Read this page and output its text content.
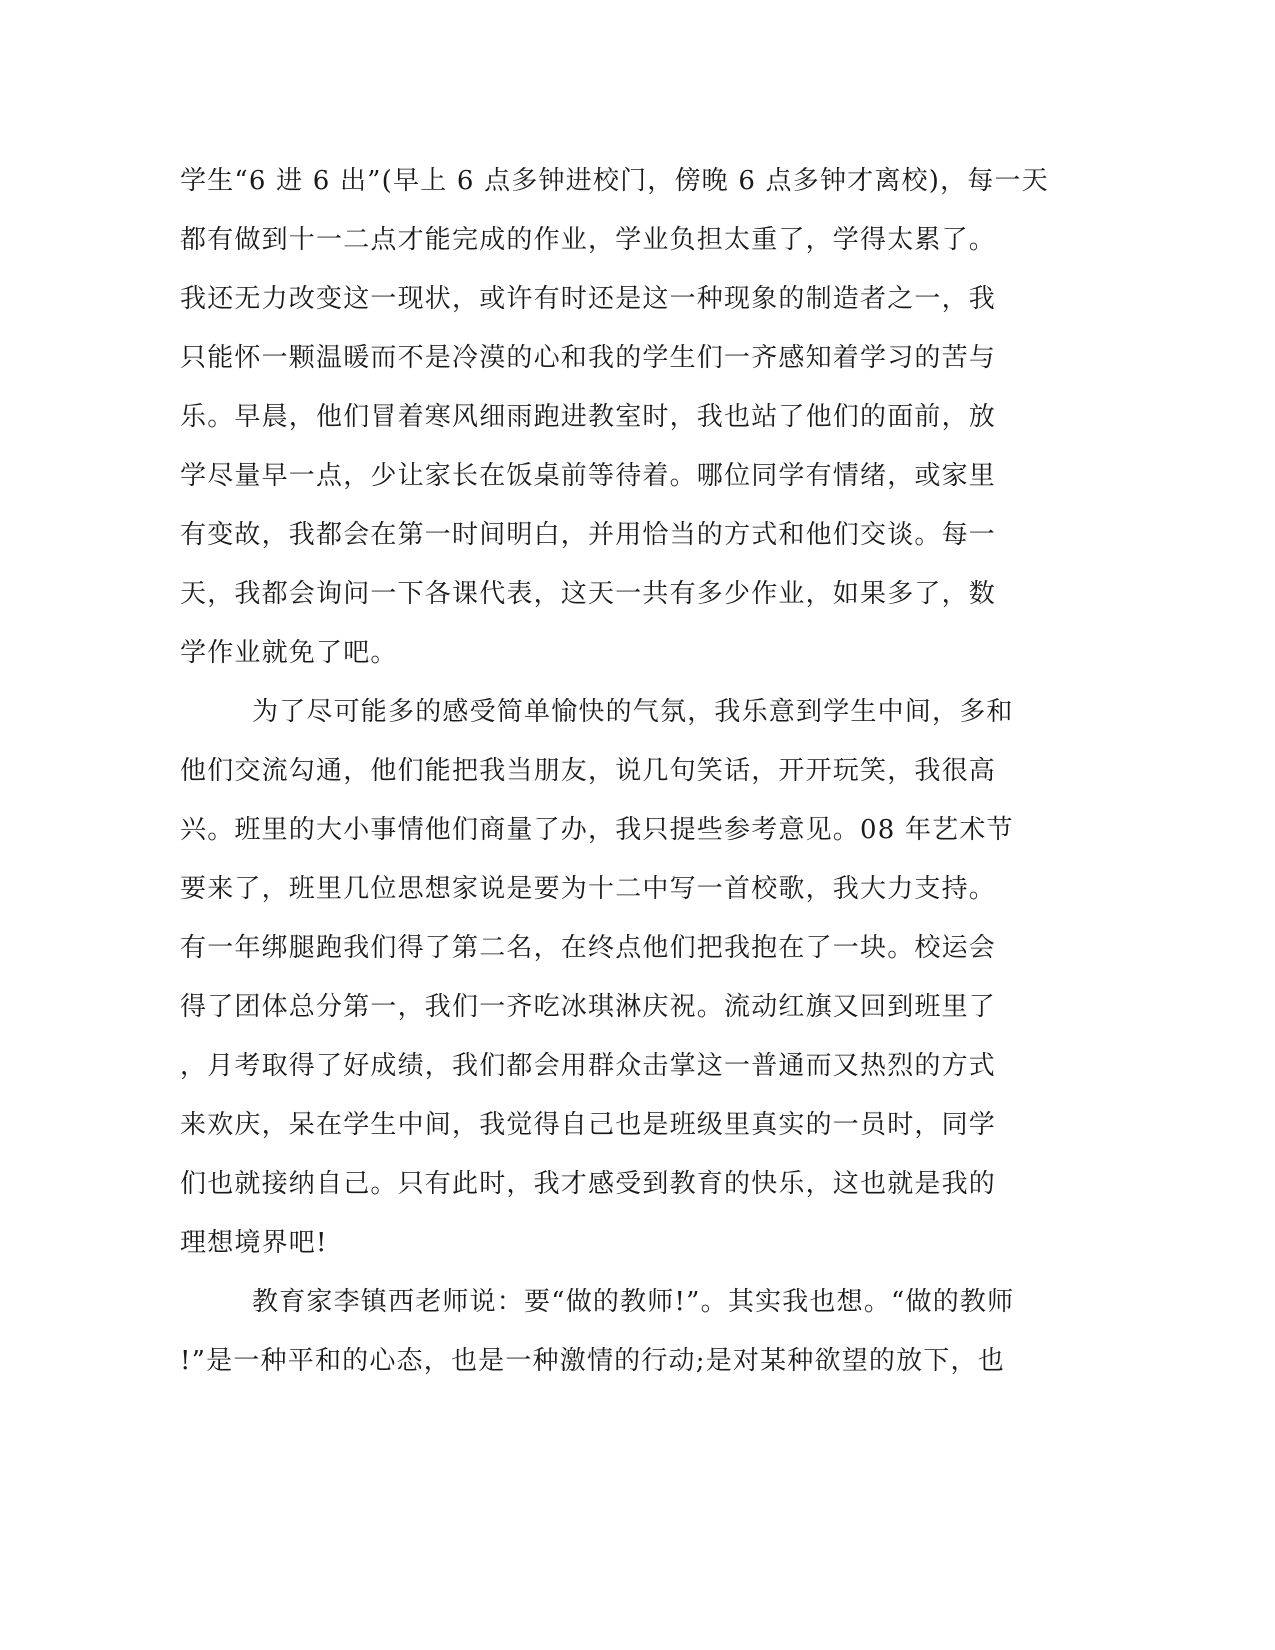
学生“6 进 6 出”(早上 6 点多钟进校门，傍晚 6 点多钟才离校)，每一天
都有做到十一二点才能完成的作业，学业负担太重了，学得太累了。
我还无力改变这一现状，或许有时还是这一种现象的制造者之一，我
只能怀一颗温暖而不是冷漠的心和我的学生们一齐感知着学习的苦与
乐。早晨，他们冒着寒风细雨跑进教室时，我也站了他们的面前，放
学尽量早一点，少让家长在饭桌前等待着。哪位同学有情绪，或家里
有变故，我都会在第一时间明白，并用恰当的方式和他们交谈。每一
天，我都会询问一下各课代表，这天一共有多少作业，如果多了，数
学作业就免了吧。
为了尽可能多的感受简单愉快的气氛，我乐意到学生中间，多和
他们交流勾通，他们能把我当朋友，说几句笑话，开开玩笑，我很高
兴。班里的大小事情他们商量了办，我只提些参考意见。08 年艺术节
要来了，班里几位思想家说是要为十二中写一首校歌，我大力支持。
有一年绑腿跑我们得了第二名，在终点他们把我抱在了一块。校运会
得了团体总分第一，我们一齐吃冰琪淋庆祝。流动红旗又回到班里了
，月考取得了好成绩，我们都会用群众击掌这一普通而又热烈的方式
来欢庆，呆在学生中间，我觉得自己也是班级里真实的一员时，同学
们也就接纳自己。只有此时，我才感受到教育的快乐，这也就是我的
理想境界吧!
教育家李镇西老师说：要“做的教师!”。其实我也想。“做的教师
!”是一种平和的心态，也是一种激情的行动;是对某种欲望的放下，也
